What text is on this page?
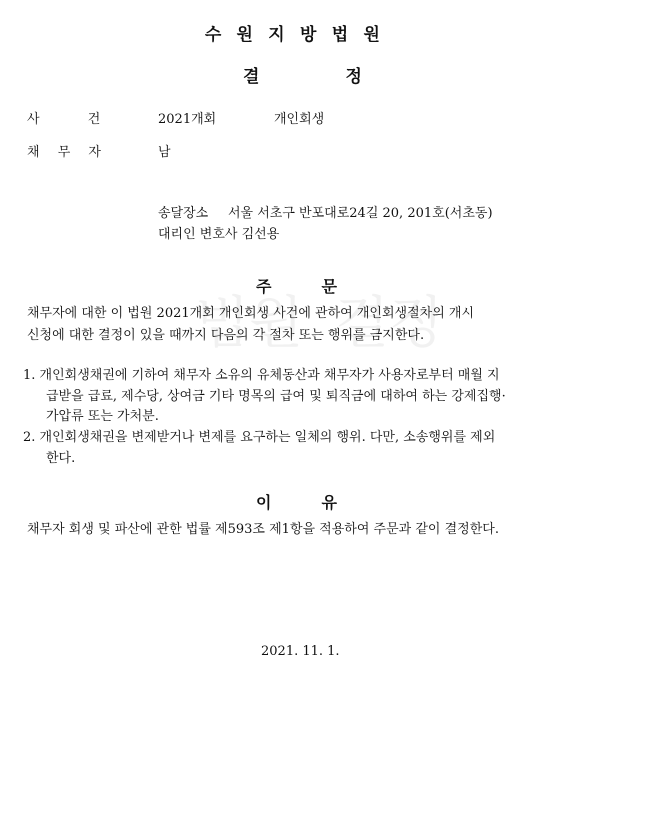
법원 결정
수원지방법원
결	정
사 건	2021개회	개인회생
채 무 자	남
송달장소 서울 서초구 반포대로24길 20, 201호(서초동)
대리인 변호사 김선용
주	문
채무자에 대한 이 법원 2021개회 개인회생 사건에 관하여 개인회생절차의 개시
신청에 대한 결정이 있을 때까지 다음의 각 절차 또는 행위를 금지한다.
1. 개인회생채권에 기하여 채무자 소유의 유체동산과 채무자가 사용자로부터 매월 지
급받을 급료, 제수당, 상여금 기타 명목의 급여 및 퇴직금에 대하여 하는 강제집행·
가압류 또는 가처분.
2. 개인회생채권을 변제받거나 변제를 요구하는 일체의 행위. 다만, 소송행위를 제외
한다.
이	유
채무자 회생 및 파산에 관한 법률 제593조 제1항을 적용하여 주문과 같이 결정한다.
2021. 11. 1.
